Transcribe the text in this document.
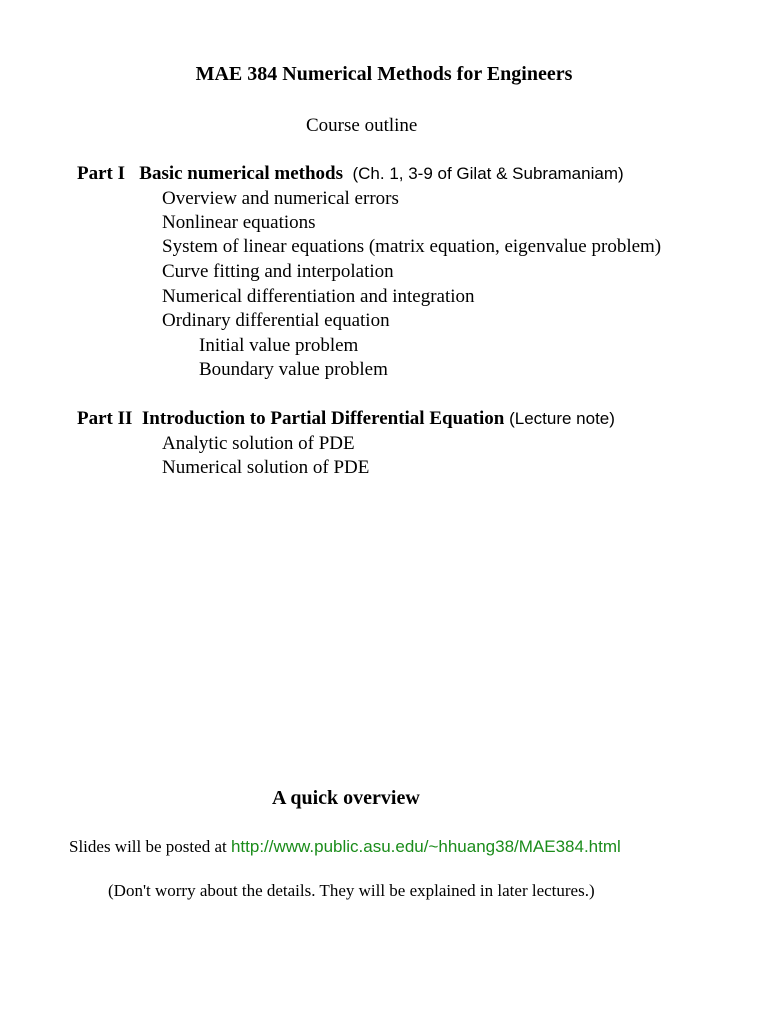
MAE 384 Numerical Methods for Engineers
Course outline
Part I Basic numerical methods (Ch. 1, 3-9 of Gilat & Subramaniam)
Overview and numerical errors
Nonlinear equations
System of linear equations (matrix equation, eigenvalue problem)
Curve fitting and interpolation
Numerical differentiation and integration
Ordinary differential equation
Initial value problem
Boundary value problem
Part II Introduction to Partial Differential Equation (Lecture note)
Analytic solution of PDE
Numerical solution of PDE
A quick overview
Slides will be posted at http://www.public.asu.edu/~hhuang38/MAE384.html
(Don't worry about the details. They will be explained in later lectures.)
